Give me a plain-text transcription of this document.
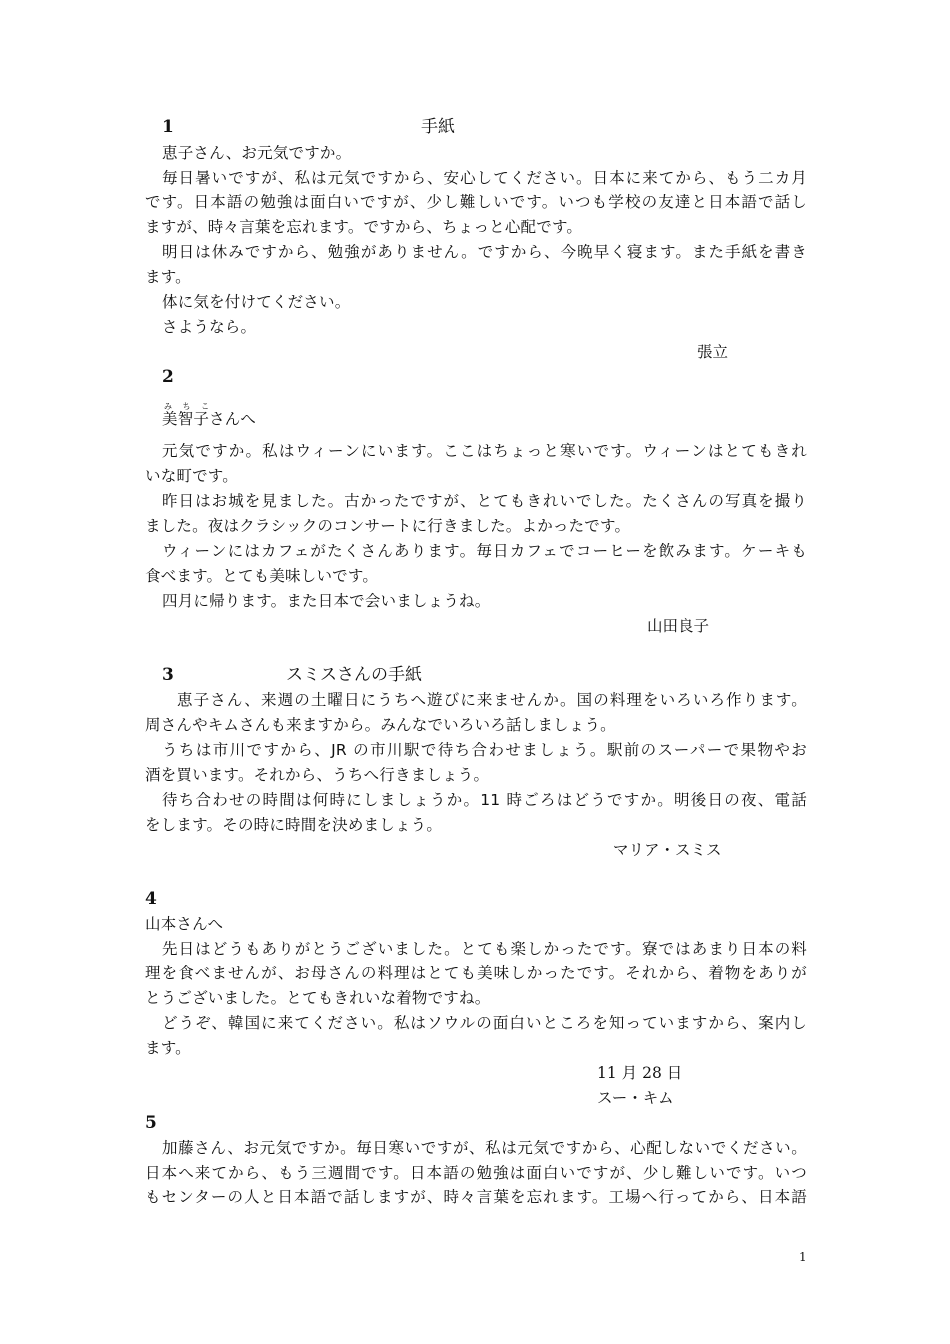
1	手紙
恵子さん、お元気ですか。
毎日暑いですが、私は元気ですから、安心してください。日本に来てから、もう二カ月
です。日本語の勉強は面白いですが、少し難しいです。いつも学校の友達と日本語で話し
ますが、時々言葉を忘れます。ですから、ちょっと心配です。
明日は休みですから、勉強がありません。ですから、今晩早く寝ます。また手紙を書き
ます。
体に気を付けてください。
さようなら。
張立
2
み ち こ
美智子さんへ
元気ですか。私はウィーンにいます。ここはちょっと寒いです。ウィーンはとてもきれ
いな町です。
昨日はお城を見ました。古かったですが、とてもきれいでした。たくさんの写真を撮り
ました。夜はクラシックのコンサートに行きました。よかったです。
ウィーンにはカフェがたくさんあります。毎日カフェでコーヒーを飲みます。ケーキも
食べます。とても美味しいです。
四月に帰ります。また日本で会いましょうね。
山田良子
3	スミスさんの手紙
恵子さん、来週の土曜日にうちへ遊びに来ませんか。国の料理をいろいろ作ります。
周さんやキムさんも来ますから。みんなでいろいろ話しましょう。
うちは市川ですから、JR の市川駅で待ち合わせましょう。駅前のスーパーで果物やお
酒を買います。それから、うちへ行きましょう。
待ち合わせの時間は何時にしましょうか。11 時ごろはどうですか。明後日の夜、電話
をします。その時に時間を決めましょう。
マリア・スミス
4
山本さんへ
先日はどうもありがとうございました。とても楽しかったです。寮ではあまり日本の料
理を食べませんが、お母さんの料理はとても美味しかったです。それから、着物をありが
とうございました。とてもきれいな着物ですね。
どうぞ、韓国に来てください。私はソウルの面白いところを知っていますから、案内し
ます。
11 月 28 日
スー・キム
5
加藤さん、お元気ですか。毎日寒いですが、私は元気ですから、心配しないでください。
日本へ来てから、もう三週間です。日本語の勉強は面白いですが、少し難しいです。いつ
もセンターの人と日本語で話しますが、時々言葉を忘れます。工場へ行ってから、日本語
1
